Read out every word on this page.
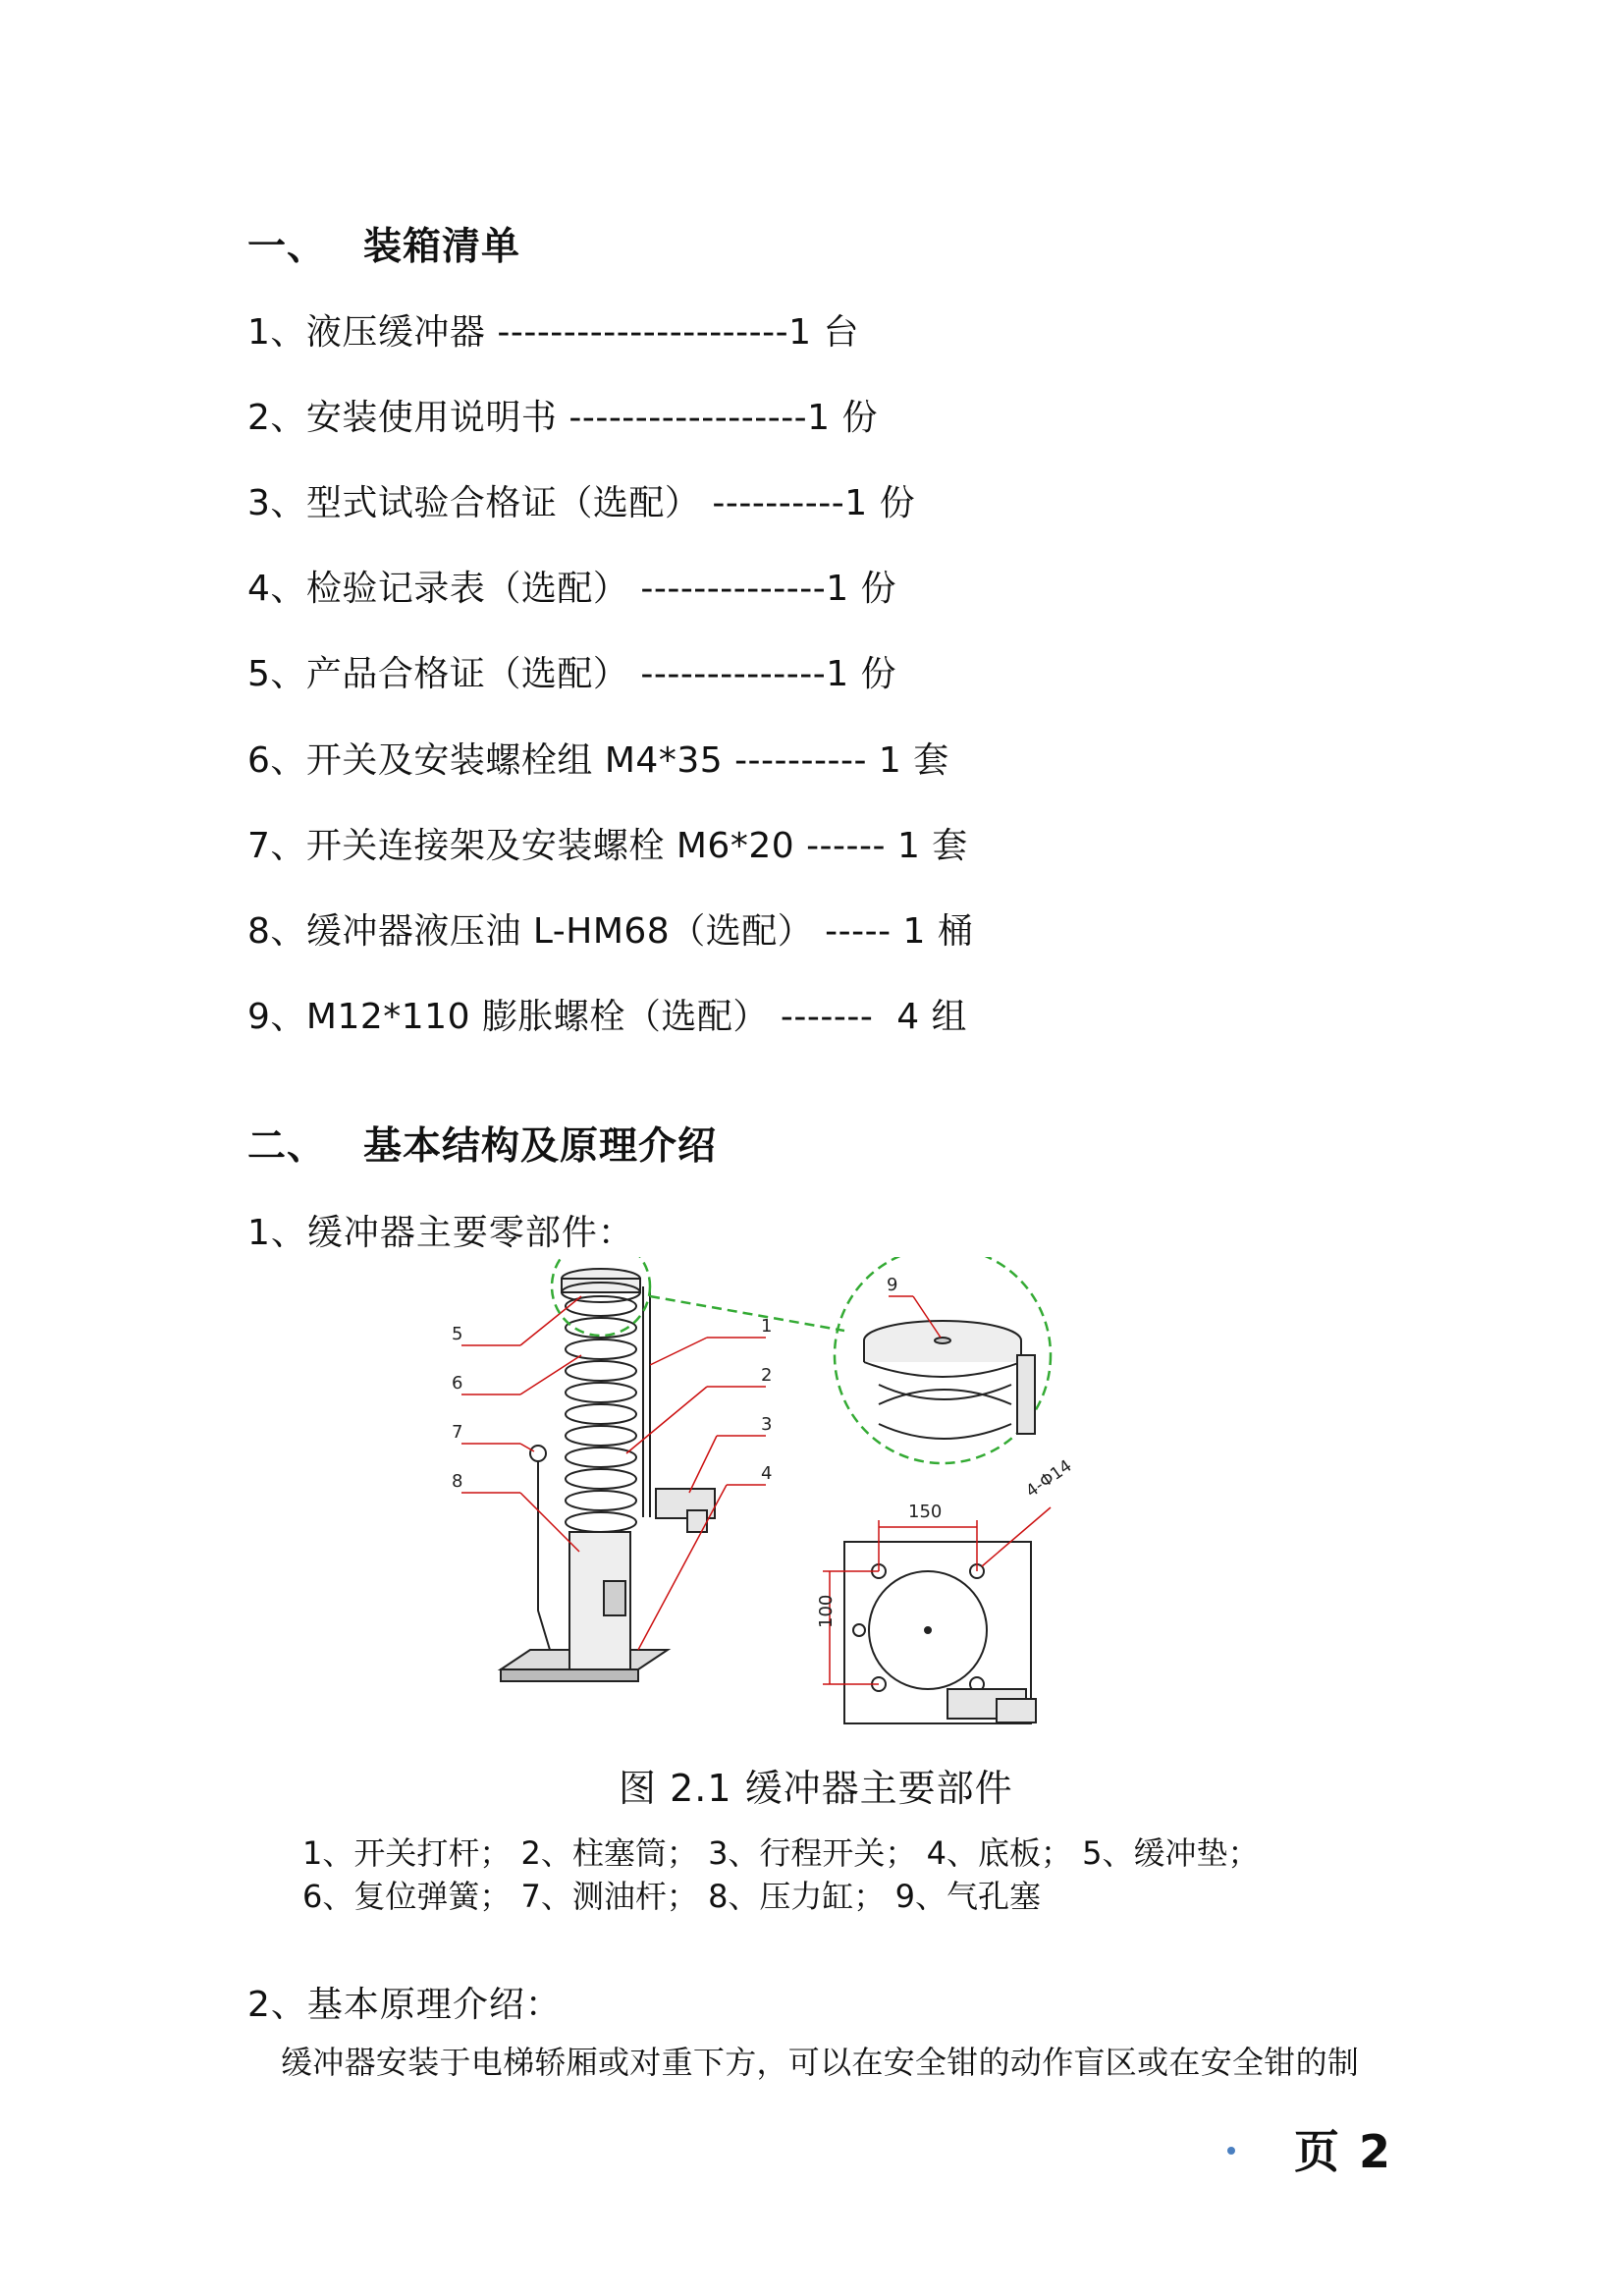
一、 装箱清单
1、液压缓冲器 ----------------------1 台
2、安装使用说明书 ------------------1 份
3、型式试验合格证（选配） ----------1 份
4、检验记录表（选配） --------------1 份
5、产品合格证（选配） --------------1 份
6、开关及安装螺栓组 M4*35 ---------- 1 套
7、开关连接架及安装螺栓 M6*20 ------ 1 套
8、缓冲器液压油 L-HM68（选配） ----- 1 桶
9、M12*110 膨胀螺栓（选配） -------  4 组
二、 基本结构及原理介绍
1、缓冲器主要零部件：
5
6
7
8
1
2
3
4
9
150
100
4-Φ14
图 2.1 缓冲器主要部件
1、开关打杆； 2、柱塞筒； 3、行程开关； 4、底板； 5、缓冲垫；
6、复位弹簧； 7、测油杆； 8、压力缸； 9、气孔塞
2、基本原理介绍：
缓冲器安装于电梯轿厢或对重下方，可以在安全钳的动作盲区或在安全钳的制
页 2
